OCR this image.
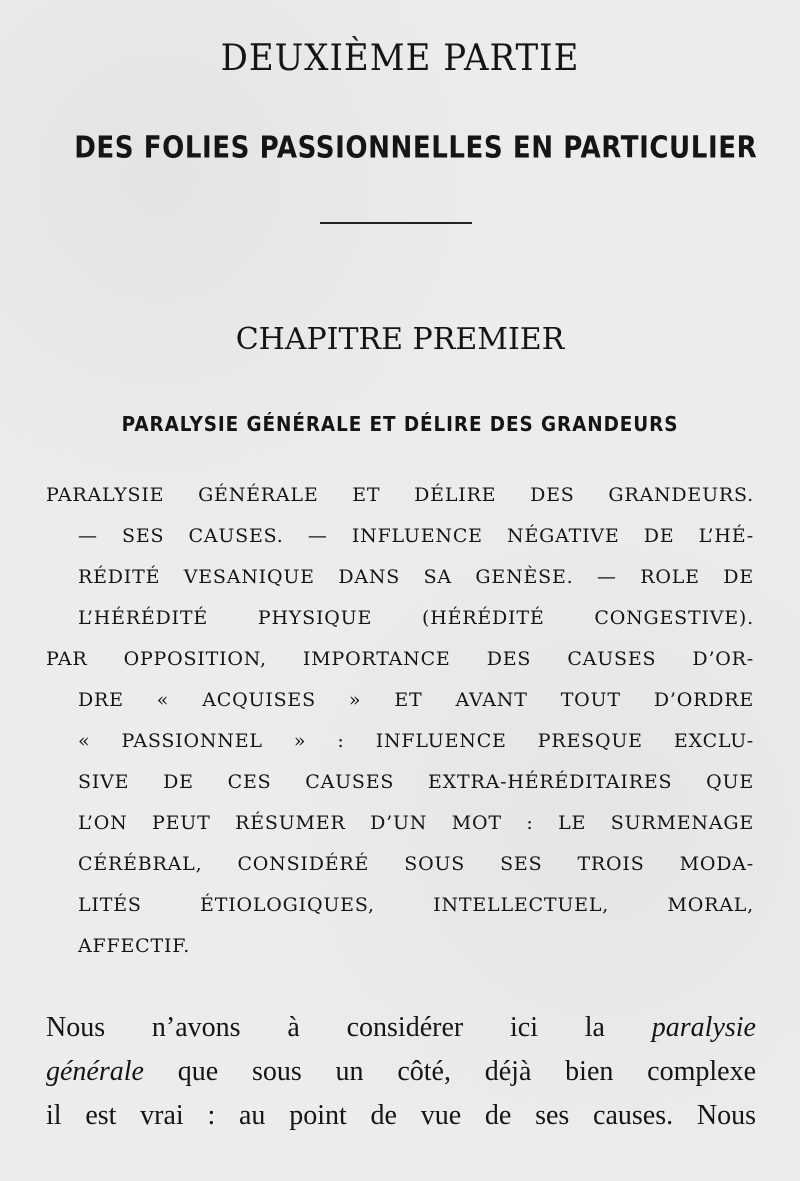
DEUXIÈME PARTIE
DES FOLIES PASSIONNELLES EN PARTICULIER
CHAPITRE PREMIER
PARALYSIE GÉNÉRALE ET DÉLIRE DES GRANDEURS
PARALYSIE GÉNÉRALE ET DÉLIRE DES GRANDEURS.
— SES CAUSES. — INFLUENCE NÉGATIVE DE L’HÉ-
RÉDITÉ VESANIQUE DANS SA GENÈSE. — ROLE DE
L’HÉRÉDITÉ PHYSIQUE (HÉRÉDITÉ CONGESTIVE).
PAR OPPOSITION, IMPORTANCE DES CAUSES D’OR-
DRE « ACQUISES » ET AVANT TOUT D’ORDRE
« PASSIONNEL » : INFLUENCE PRESQUE EXCLU-
SIVE DE CES CAUSES EXTRA-HÉRÉDITAIRES QUE
L’ON PEUT RÉSUMER D’UN MOT : LE SURMENAGE
CÉRÉBRAL, CONSIDÉRÉ SOUS SES TROIS MODA-
LITÉS ÉTIOLOGIQUES, INTELLECTUEL, MORAL,
AFFECTIF.
Nous n’avons à considérer ici la paralysie
générale que sous un côté, déjà bien complexe
il est vrai : au point de vue de ses causes. Nous
